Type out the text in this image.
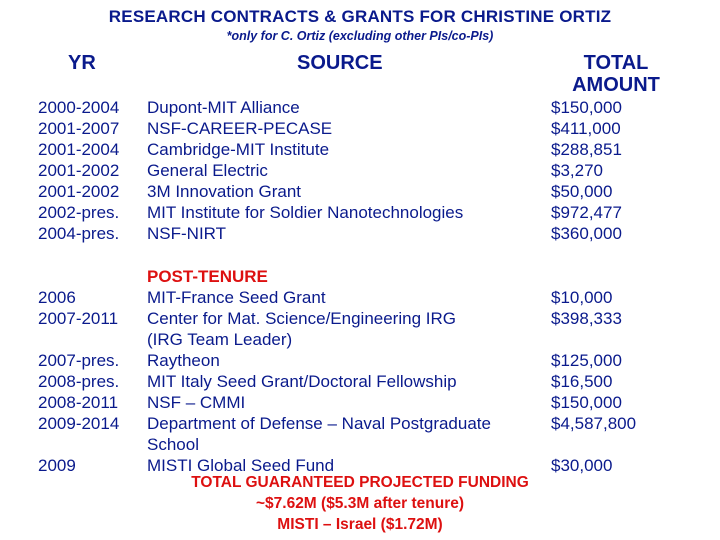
RESEARCH CONTRACTS & GRANTS FOR CHRISTINE ORTIZ
*only for C. Ortiz (excluding other PIs/co-PIs)
YR	SOURCE	TOTAL AMOUNT
2000-2004 Dupont-MIT Alliance	$150,000
2001-2007 NSF-CAREER-PECASE	$411,000
2001-2004 Cambridge-MIT Institute	$288,851
2001-2002 General Electric	$3,270
2001-2002 3M Innovation Grant	$50,000
2002-pres. MIT Institute for Soldier Nanotechnologies	$972,477
2004-pres. NSF-NIRT	$360,000
POST-TENURE
2006	MIT-France Seed Grant	$10,000
2007-2011 Center for Mat. Science/Engineering IRG	$398,333
(IRG Team Leader)
2007-pres. Raytheon	$125,000
2008-pres. MIT Italy Seed Grant/Doctoral Fellowship	$16,500
2008-2011 NSF – CMMI	$150,000
2009-2014 Department of Defense – Naval Postgraduate	$4,587,800
School
2009	MISTI Global Seed Fund	$30,000
TOTAL GUARANTEED PROJECTED FUNDING
~$7.62M ($5.3M after tenure)
MISTI – Israel ($1.72M)
